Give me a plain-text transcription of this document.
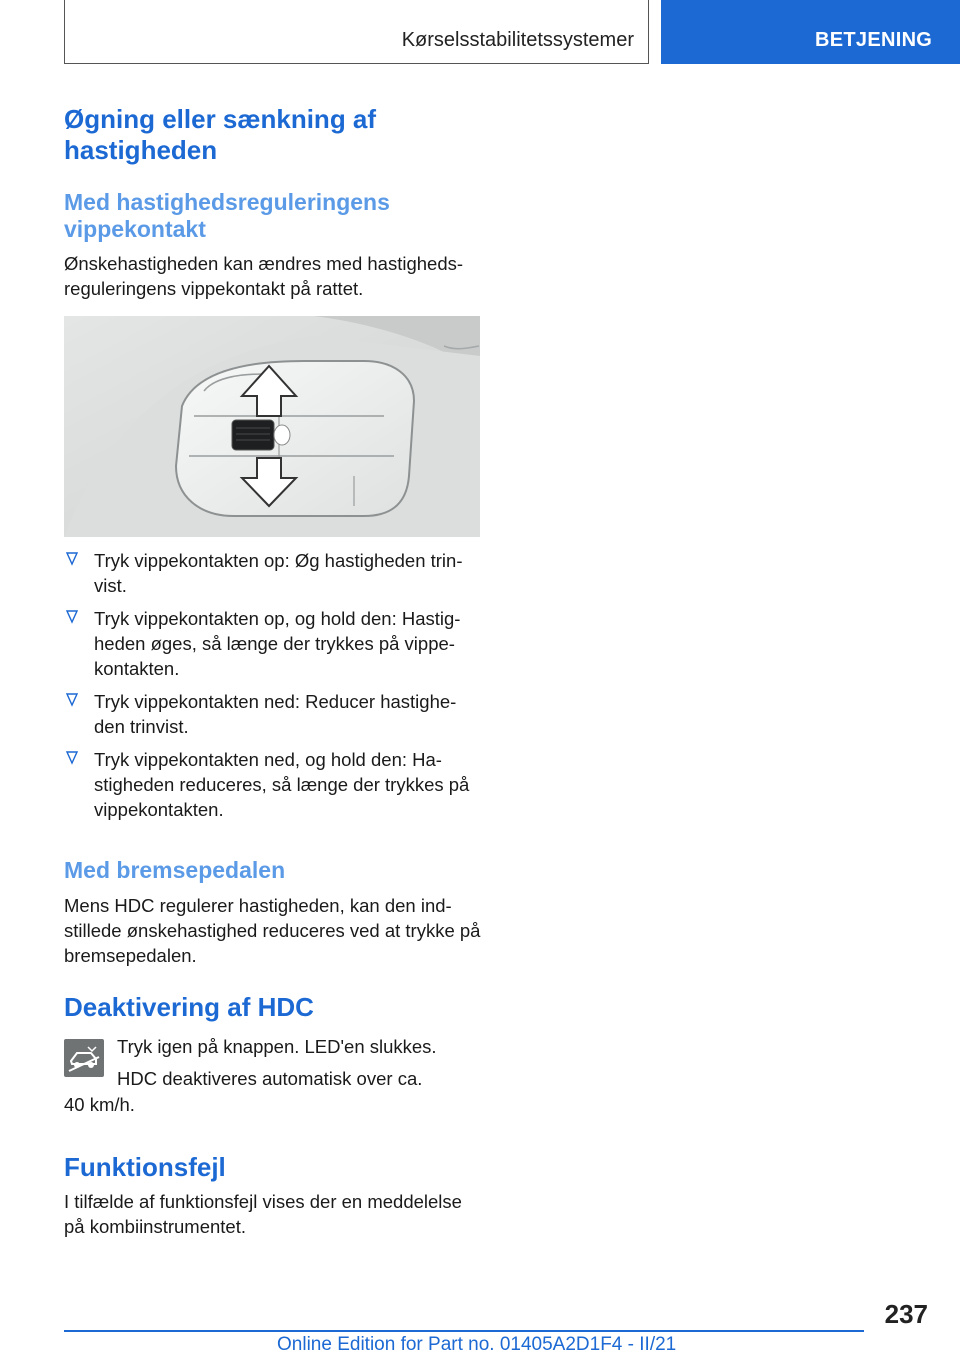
Kørselsstabilitetssystemer	BETJENING
Øgning eller sænkning af hastigheden
Med hastighedsreguleringens vippekontakt

Ønskehastigheden kan ændres med hastigheds-reguleringens vippekontakt på rattet.

Tryk vippekontakten op: Øg hastigheden trin-vist.
Tryk vippekontakten op, og hold den: Hastig-heden øges, så længe der trykkes på vippe-kontakten.
Tryk vippekontakten ned: Reducer hastighe-den trinvist.
Tryk vippekontakten ned, og hold den: Ha-stigheden reduceres, så længe der trykkes på vippekontakten.
Med bremsepedalen

Mens HDC regulerer hastigheden, kan den ind-stillede ønskehastighed reduceres ved at trykke på bremsepedalen.

Deaktivering af HDC

Tryk igen på knappen. LED'en slukkes.

HDC deaktiveres automatisk over ca.

40 km/h.

Funktionsfejl

I tilfælde af funktionsfejl vises der en meddelelse på kombiinstrumentet.

237
Online Edition for Part no. 01405A2D1F4 - II/21
